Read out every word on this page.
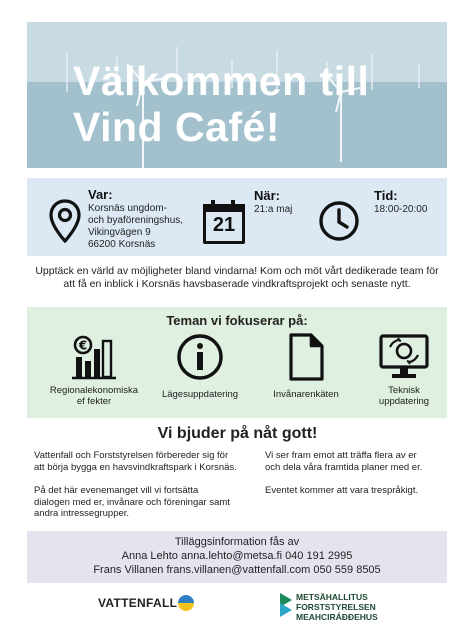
Välkommen till
Vind Café!
Var:
Korsnäs ungdom-
och byaföreningshus,
Vikingvägen 9
66200 Korsnäs
21
När:
21:a maj
Tid:
18:00-20:00
Upptäck en värld av möjligheter bland vindarna! Kom och möt vårt dedikerade team för att få en inblick i Korsnäs havsbaserade vindkraftsprojekt och senaste nytt.
Teman vi fokuserar på:
€
Regionalekonomiska
ef fekter
Lägesuppdatering	Invånarenkäten	Teknisk
uppdatering
Vi bjuder på nåt gott!

Vattenfall och Forststyrelsen förbereder sig för
att börja bygga en havsvindkraftspark i Korsnäs.

På det här evenemanget vill vi fortsätta
dialogen med er, invånare och föreningar samt
andra intressegrupper.

Vi ser fram emot att träffa flera av er
och dela våra framtida planer med er.

Eventet kommer att vara trespråkigt.

Tilläggsinformation fås av
Anna Lehto anna.lehto@metsa.fi 040 191 2995
Frans Villanen frans.villanen@vattenfall.com 050 559 8505
VATTENFALL	METSÄHALLITUS
FORSTSTYRELSEN
MEAHCIRÁĐĐEHUS
